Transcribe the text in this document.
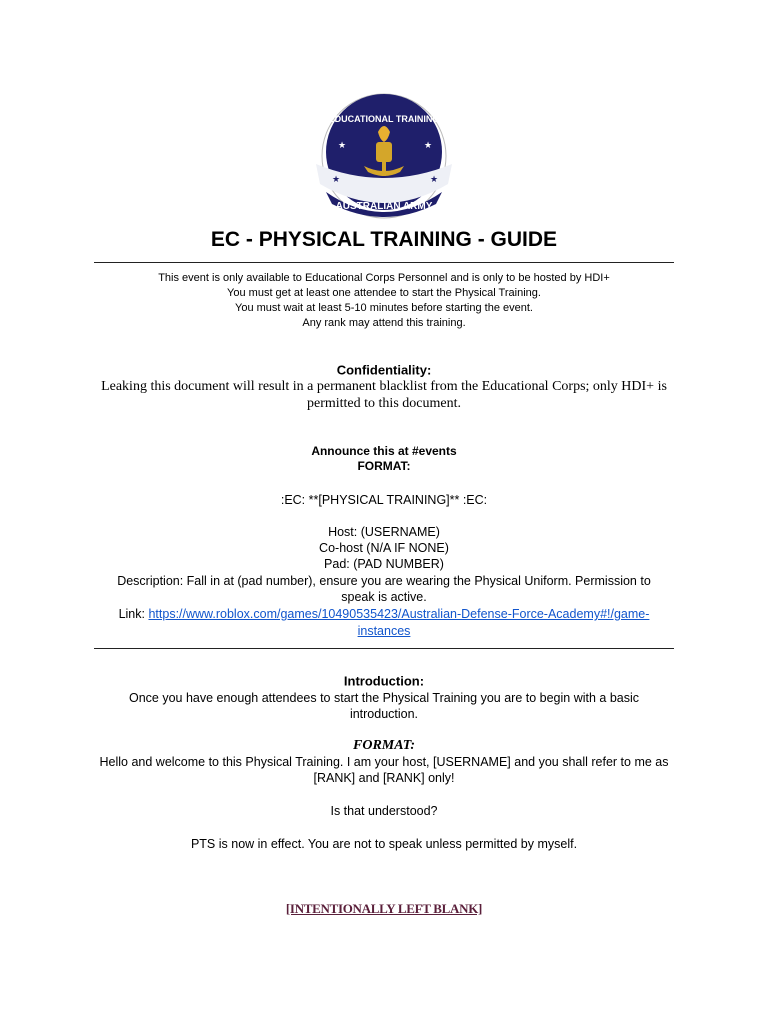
EDUCATIONAL TRAINING
AUSTRALIAN ARMY
★	★
★	★
EC - PHYSICAL TRAINING - GUIDE
This event is only available to Educational Corps Personnel and is only to be hosted by HDI+
You must get at least one attendee to start the Physical Training.
You must wait at least 5-10 minutes before starting the event.
Any rank may attend this training.
Confidentiality:
Leaking this document will result in a permanent blacklist from the Educational Corps; only HDI+ is
permitted to this document.
Announce this at #events
FORMAT:
:EC: **[PHYSICAL TRAINING]** :EC:
Host: (USERNAME)
Co-host (N/A IF NONE)
Pad: (PAD NUMBER)
Description: Fall in at (pad number), ensure you are wearing the Physical Uniform. Permission to
speak is active.
Link: https://www.roblox.com/games/10490535423/Australian-Defense-Force-Academy#!/game-
instances
Introduction:
Once you have enough attendees to start the Physical Training you are to begin with a basic
introduction.
FORMAT:
Hello and welcome to this Physical Training. I am your host, [USERNAME] and you shall refer to me as
[RANK] and [RANK] only!
Is that understood?
PTS is now in effect. You are not to speak unless permitted by myself.
[INTENTIONALLY LEFT BLANK]
